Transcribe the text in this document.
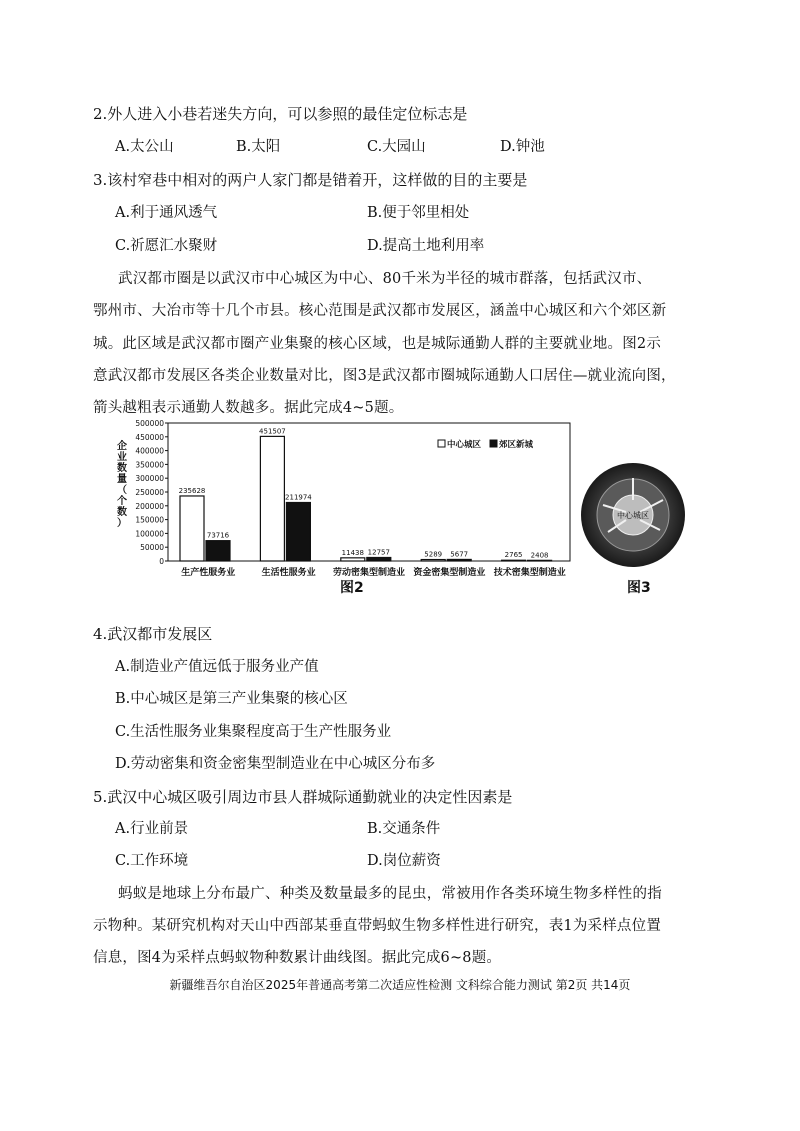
2.外人进入小巷若迷失方向，可以参照的最佳定位标志是
A.太公山	B.太阳	C.大园山	D.钟池
3.该村窄巷中相对的两户人家门都是错着开，这样做的目的主要是
A.利于通风透气	B.便于邻里相处
C.祈愿汇水聚财	D.提高土地利用率
武汉都市圈是以武汉市中心城区为中心、80千米为半径的城市群落，包括武汉市、
鄂州市、大冶市等十几个市县。核心范围是武汉都市发展区，涵盖中心城区和六个郊区新
城。此区域是武汉都市圈产业集聚的核心区域，也是城际通勤人群的主要就业地。图2示
意武汉都市发展区各类企业数量对比，图3是武汉都市圈城际通勤人口居住—就业流向图，
箭头越粗表示通勤人数越多。据此完成4~5题。
0
50000
100000
150000
200000
250000
300000
350000
400000
450000
500000
企
业
数
量
（
个
数
）
235628
73716
生产性服务业
451507
211974
生活性服务业
11438 12757
劳动密集型制造业
5289 5677
资金密集型制造业
2765 2408
技术密集型制造业
中心城区 郊区新城
图2
中心城区
图3
4.武汉都市发展区
A.制造业产值远低于服务业产值
B.中心城区是第三产业集聚的核心区
C.生活性服务业集聚程度高于生产性服务业
D.劳动密集和资金密集型制造业在中心城区分布多
5.武汉中心城区吸引周边市县人群城际通勤就业的决定性因素是
A.行业前景	B.交通条件
C.工作环境	D.岗位薪资
蚂蚁是地球上分布最广、种类及数量最多的昆虫，常被用作各类环境生物多样性的指
示物种。某研究机构对天山中西部某垂直带蚂蚁生物多样性进行研究，表1为采样点位置
信息，图4为采样点蚂蚁物种数累计曲线图。据此完成6~8题。
新疆维吾尔自治区2025年普通高考第二次适应性检测 文科综合能力测试 第2页 共14页
